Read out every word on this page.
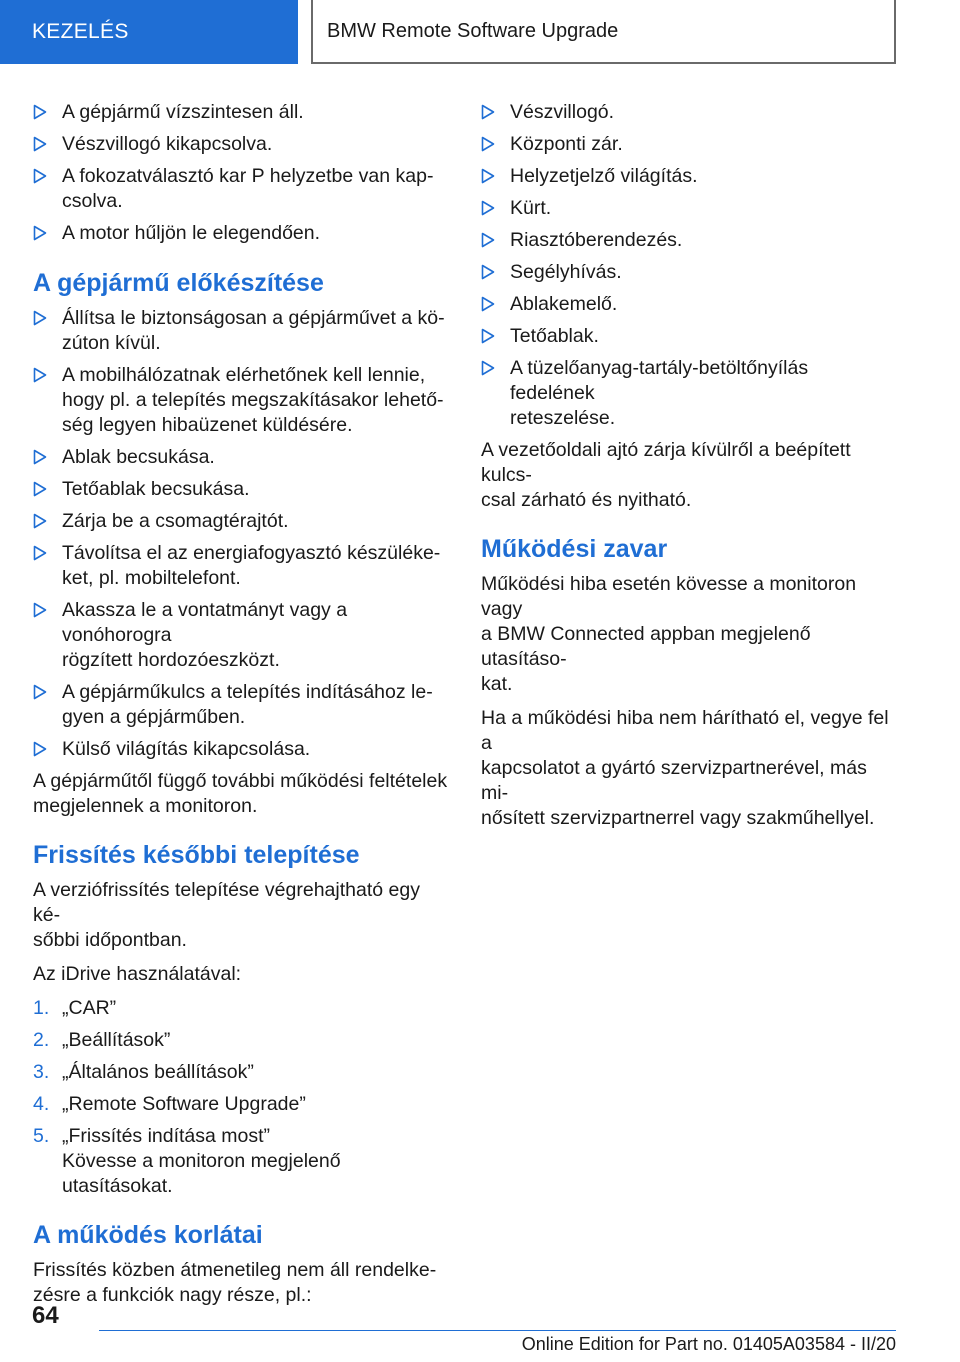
KEZELÉS	BMW Remote Software Upgrade
A gépjármű vízszintesen áll.
Vészvillogó kikapcsolva.
A fokozatválasztó kar P helyzetbe van kap-
csolva.
A motor hűljön le elegendően.
A gépjármű előkészítése
Állítsa le biztonságosan a gépjárművet a kö-
zúton kívül.
A mobilhálózatnak elérhetőnek kell lennie,
hogy pl. a telepítés megszakításakor lehető-
ség legyen hibaüzenet küldésére.
Ablak becsukása.
Tetőablak becsukása.
Zárja be a csomagtérajtót.
Távolítsa el az energiafogyasztó készüléke-
ket, pl. mobiltelefont.
Akassza le a vontatmányt vagy a vonóhorogra
rögzített hordozóeszközt.
A gépjárműkulcs a telepítés indításához le-
gyen a gépjárműben.
Külső világítás kikapcsolása.
A gépjárműtől függő további működési feltételek
megjelennek a monitoron.
Frissítés későbbi telepítése
A verziófrissítés telepítése végrehajtható egy ké-
sőbbi időpontban.
Az iDrive használatával:
1. „CAR”
2. „Beállítások”
3. „Általános beállítások”
4. „Remote Software Upgrade”
5. „Frissítés indítása most”
Kövesse a monitoron megjelenő utasításokat.
A működés korlátai
Frissítés közben átmenetileg nem áll rendelke-
zésre a funkciók nagy része, pl.:
Vészvillogó.
Központi zár.
Helyzetjelző világítás.
Kürt.
Riasztóberendezés.
Segélyhívás.
Ablakemelő.
Tetőablak.
A tüzelőanyag-tartály-betöltőnyílás fedelének
reteszelése.
A vezetőoldali ajtó zárja kívülről a beépített kulcs-
csal zárható és nyitható.
Működési zavar
Működési hiba esetén kövesse a monitoron vagy
a BMW Connected appban megjelenő utasításo-
kat.
Ha a működési hiba nem hárítható el, vegye fel a
kapcsolatot a gyártó szervizpartnerével, más mi-
nősített szervizpartnerrel vagy szakműhellyel.
64
Online Edition for Part no. 01405A03584 - II/20
